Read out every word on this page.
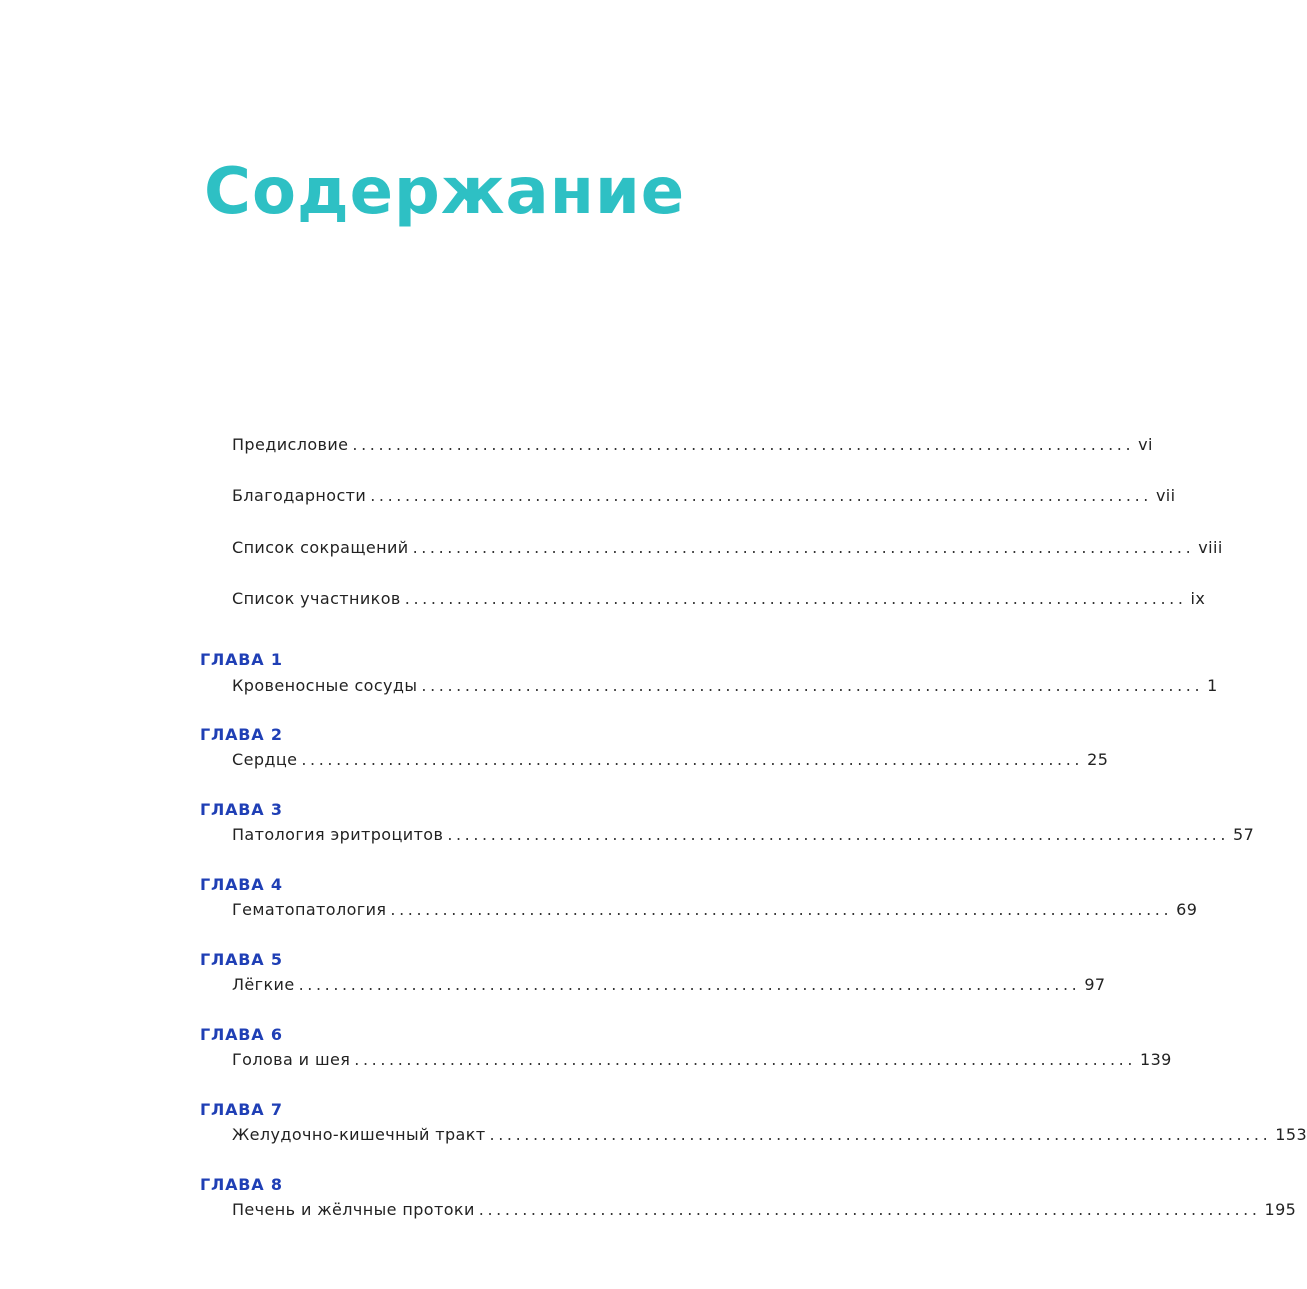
Содержание
Предисловие .......................................................................................... vi
Благодарности .......................................................................................... vii
Список сокращений .......................................................................................... viii
Список участников .......................................................................................... ix
ГЛАВА 1
Кровеносные сосуды .......................................................................................... 1
ГЛАВА 2
Сердце .......................................................................................... 25
ГЛАВА 3
Патология эритроцитов .......................................................................................... 57
ГЛАВА 4
Гематопатология .......................................................................................... 69
ГЛАВА 5
Лёгкие .......................................................................................... 97
ГЛАВА 6
Голова и шея .......................................................................................... 139
ГЛАВА 7
Желудочно-кишечный тракт .......................................................................................... 153
ГЛАВА 8
Печень и жёлчные протоки .......................................................................................... 195
